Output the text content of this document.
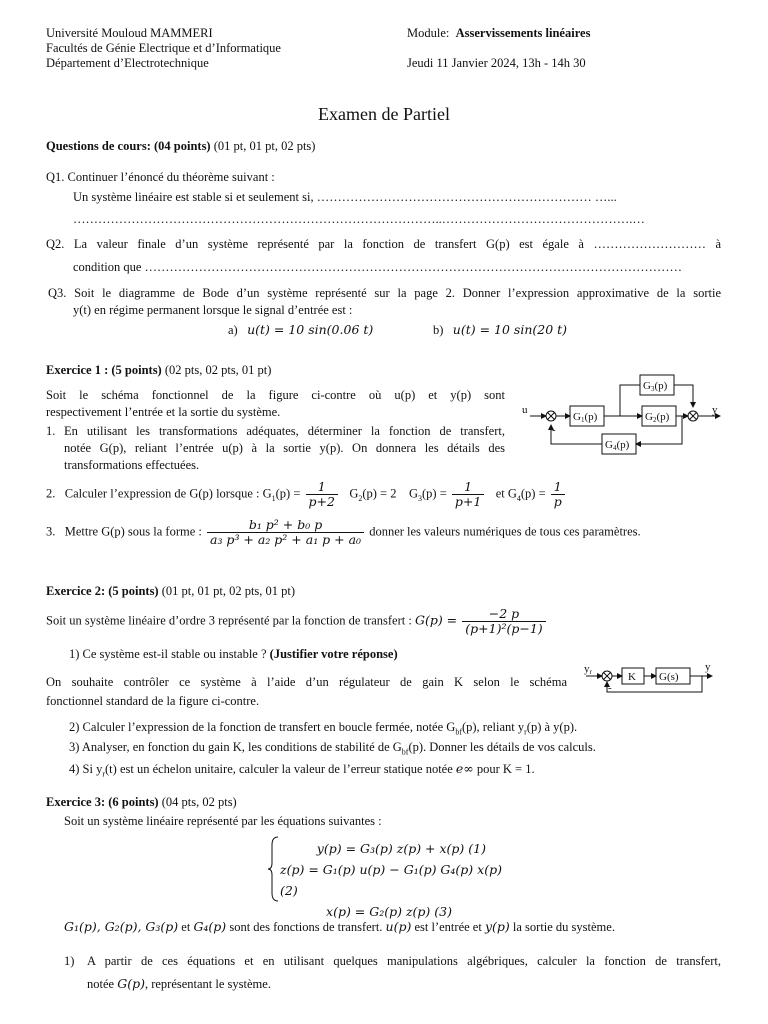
Université Mouloud MAMMERI
Facultés de Génie Electrique et d’Informatique
Département d’Electrotechnique
Module: Asservissements linéaires
Jeudi 11 Janvier 2024, 13h - 14h 30
Examen de Partiel
Questions de cours: (04 points) (01 pt, 01 pt, 02 pts)
Q1. Continuer l’énoncé du théorème suivant :
Un système linéaire est stable si et seulement si, ………………………………………………………… …...
……………………………………………………………………………..……………………………………….…
Q2. La valeur finale d’un système représenté par la fonction de transfert G(p) est égale à ……………………… à
condition que …………………………………………………………………………………………………………………
Q3. Soit le diagramme de Bode d’un système représenté sur la page 2. Donner l’expression approximative de la sortie
y(t) en régime permanent lorsque le signal d’entrée est :
a) u(t) = 10 sin(0.06 t)	b) u(t) = 10 sin(20 t)
Exercice 1 : (5 points) (02 pts, 02 pts, 01 pt)
Soit le schéma fonctionnel de la figure ci-contre où u(p) et y(p) sont
respectivement l’entrée et la sortie du système.
1. En utilisant les transformations adéquates, déterminer la fonction de transfert,
notée G(p), reliant l’entrée u(p) à la sortie y(p). On donnera les détails des
transformations effectuées.
u	y
-
G1(p)	G2(p)
G3(p)
G4(p)
2. Calculer l’expression de G(p) lorsque : $G_1(p) = \frac{1}{p+2} G_2(p) = 2$ $G_3(p) = \frac{1}{p+1}$ et $G_4(p) = \frac{1}{p}$
3. Mettre G(p) sous la forme : $\frac{\text{b₁ p² + b₀ p}}{\text{a₃ p³ + a₂ p² + a₁ p + a₀}}$ donner les valeurs numériques de tous ces paramètres.
Exercice 2: (5 points) (01 pt, 01 pt, 02 pts, 01 pt)
Soit un système linéaire d’ordre 3 représenté par la fonction de transfert : $G(p) = \frac{-2 p}{\text{(p+1)²(p−1)}}$
1) Ce système est-il stable ou instable ? (Justifier votre réponse)
On souhaite contrôler ce système à l’aide d’un régulateur de gain K selon le schéma
fonctionnel standard de la figure ci-contre.
yr	K G(s)
y
-
2) Calculer l’expression de la fonction de transfert en boucle fermée, notée $G_{bf}(p)$, reliant $y_r(p)$ à y(p).
3) Analyser, en fonction du gain K, les conditions de stabilité de $G_{bf}(p)$. Donner les détails de vos calculs.
4) Si $y_r(t)$ est un échelon unitaire, calculer la valeur de l’erreur statique notée e∞ pour K = 1.
Exercice 3: (6 points) (04 pts, 02 pts)
Soit un système linéaire représenté par les équations suivantes :
y(p) = G₃(p) z(p) + x(p) (1)
z(p) = G₁(p) u(p) − G₁(p) G₄(p) x(p) (2)
x(p) = G₂(p) z(p) (3)
G₁(p), G₂(p), G₃(p) et G₄(p) sont des fonctions de transfert. u(p) est l’entrée et y(p) la sortie du système.
1) A partir de ces équations et en utilisant quelques manipulations algébriques, calculer la fonction de transfert,
notée G(p), représentant le système.
